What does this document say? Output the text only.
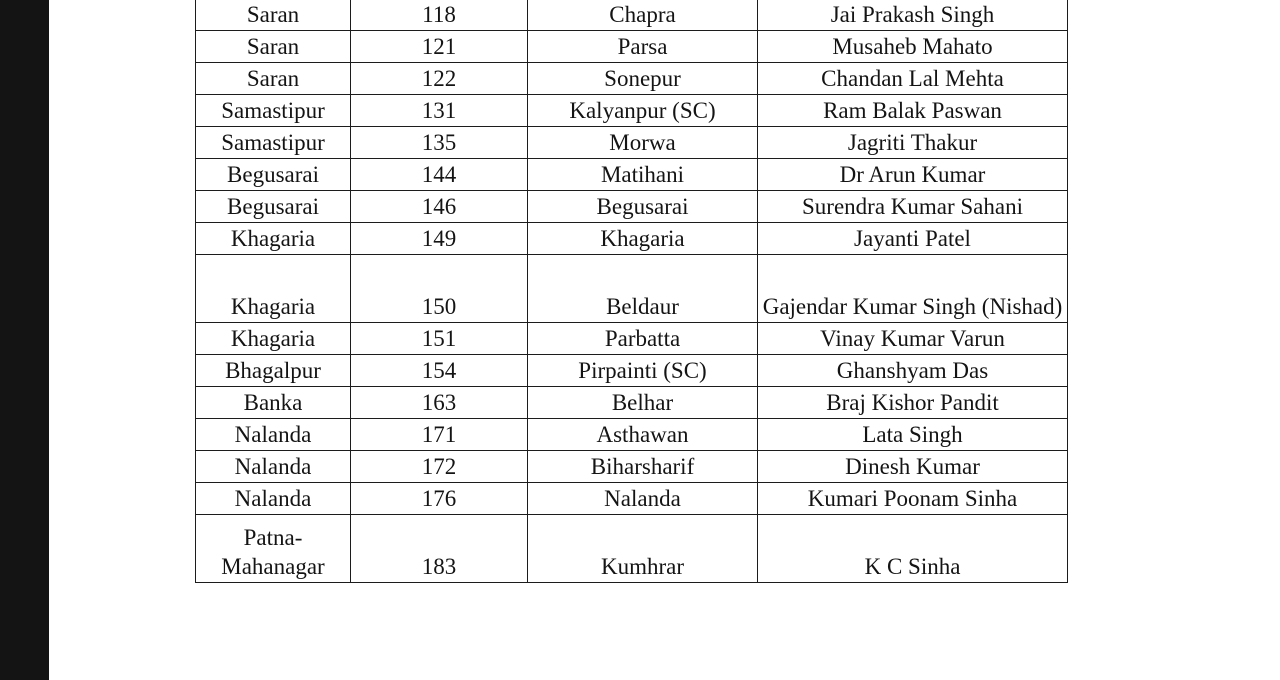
Saran	118	Chapra	Jai Prakash Singh
Saran	121	Parsa	Musaheb Mahato
Saran	122	Sonepur	Chandan Lal Mehta
Samastipur	131	Kalyanpur (SC)	Ram Balak Paswan
Samastipur	135	Morwa	Jagriti Thakur
Begusarai	144	Matihani	Dr Arun Kumar
Begusarai	146	Begusarai	Surendra Kumar Sahani
Khagaria	149	Khagaria	Jayanti Patel
Khagaria	150	Beldaur	Gajendar Kumar Singh (Nishad)
Khagaria	151	Parbatta	Vinay Kumar Varun
Bhagalpur	154	Pirpainti (SC)	Ghanshyam Das
Banka	163	Belhar	Braj Kishor Pandit
Nalanda	171	Asthawan	Lata Singh
Nalanda	172	Biharsharif	Dinesh Kumar
Nalanda	176	Nalanda	Kumari Poonam Sinha
Patna-Mahanagar	183	Kumhrar	K C Sinha
